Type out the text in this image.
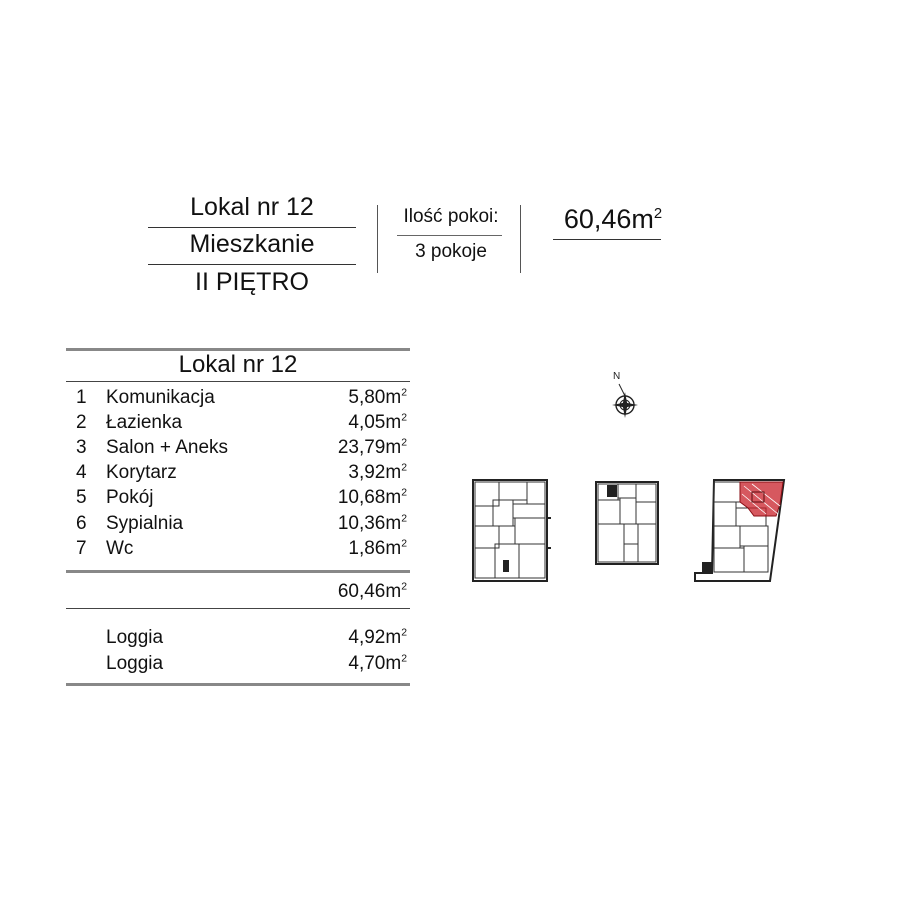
Lokal nr 12
Mieszkanie
II PIĘTRO
Ilość pokoi:
3 pokoje
$60,46m^2$
Lokal nr 12
1 Komunikacja	$5,80m^2$
2 Łazienka	$4,05m^2$
3 Salon + Aneks	$23,79m^2$
4 Korytarz	$3,92m^2$
5 Pokój	$10,68m^2$
6 Sypialnia	$10,36m^2$
7 Wc	$1,86m^2$
$60,46m^2$
Loggia	$4,92m^2$
Loggia	$4,70m^2$
N
